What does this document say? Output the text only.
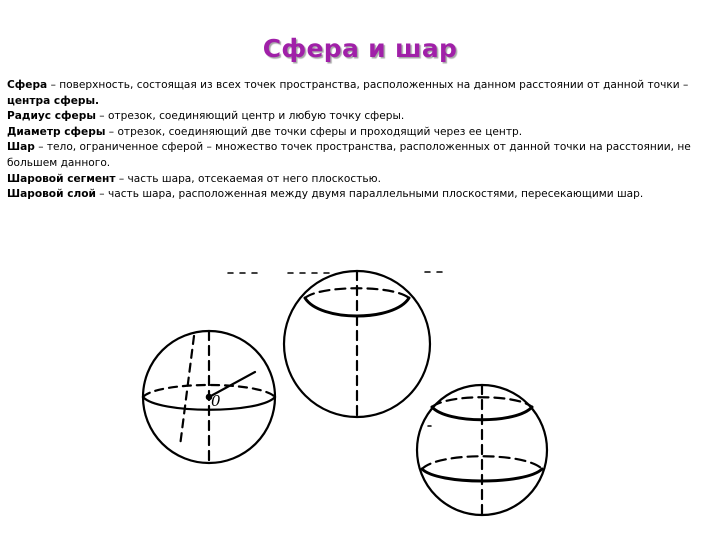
Сфера и шар

Сфера – поверхность, состоящая из всех точек пространства, расположенных на данном расстоянии от данной точки – центра сферы.

Радиус сферы – отрезок, соединяющий центр и любую точку сферы.

Диаметр сферы – отрезок, соединяющий две точки сферы и проходящий через ее центр.

Шар – тело, ограниченное сферой – множество точек пространства, расположенных от данной точки на расстоянии, не большем данного.

Шаровой сегмент – часть шара, отсекаемая от него плоскостью.

Шаровой слой – часть шара, расположенная между двумя параллельными плоскостями, пересекающими шар.

0
